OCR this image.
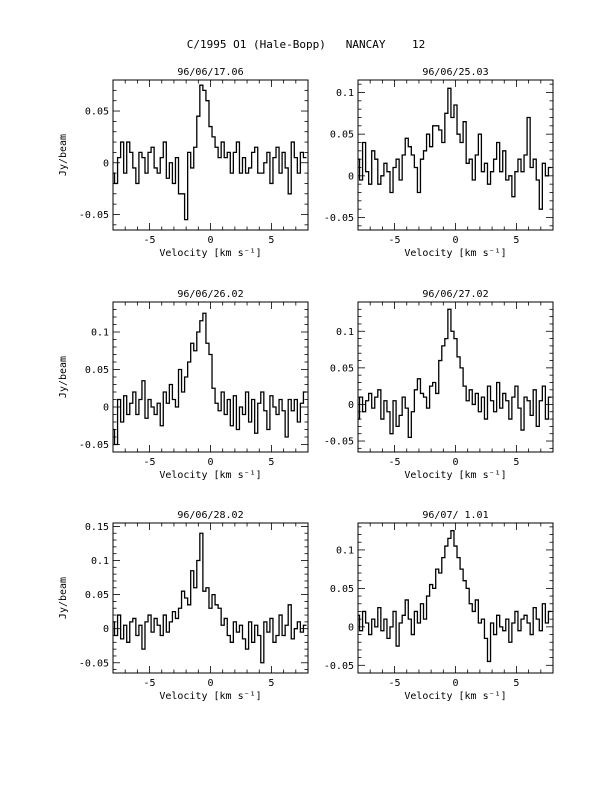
C/1995 O1 (Hale-Bopp)   NANCAY    12
96/06/17.06
-5	0	5
-0.05
0
0.05
Velocity [km s⁻¹]
Jy/beam
96/06/25.03
-5	0	5
-0.05
0
0.05
0.1
Velocity [km s⁻¹]
96/06/26.02
-5	0	5
-0.05
0
0.05
0.1
Velocity [km s⁻¹]
Jy/beam
96/06/27.02
-5	0	5
-0.05
0
0.05
0.1
Velocity [km s⁻¹]
96/06/28.02
-5	0	5
-0.05
0
0.05
0.1
0.15
Velocity [km s⁻¹]
Jy/beam
96/07/ 1.01
-5	0	5
-0.05
0
0.05
0.1
Velocity [km s⁻¹]
